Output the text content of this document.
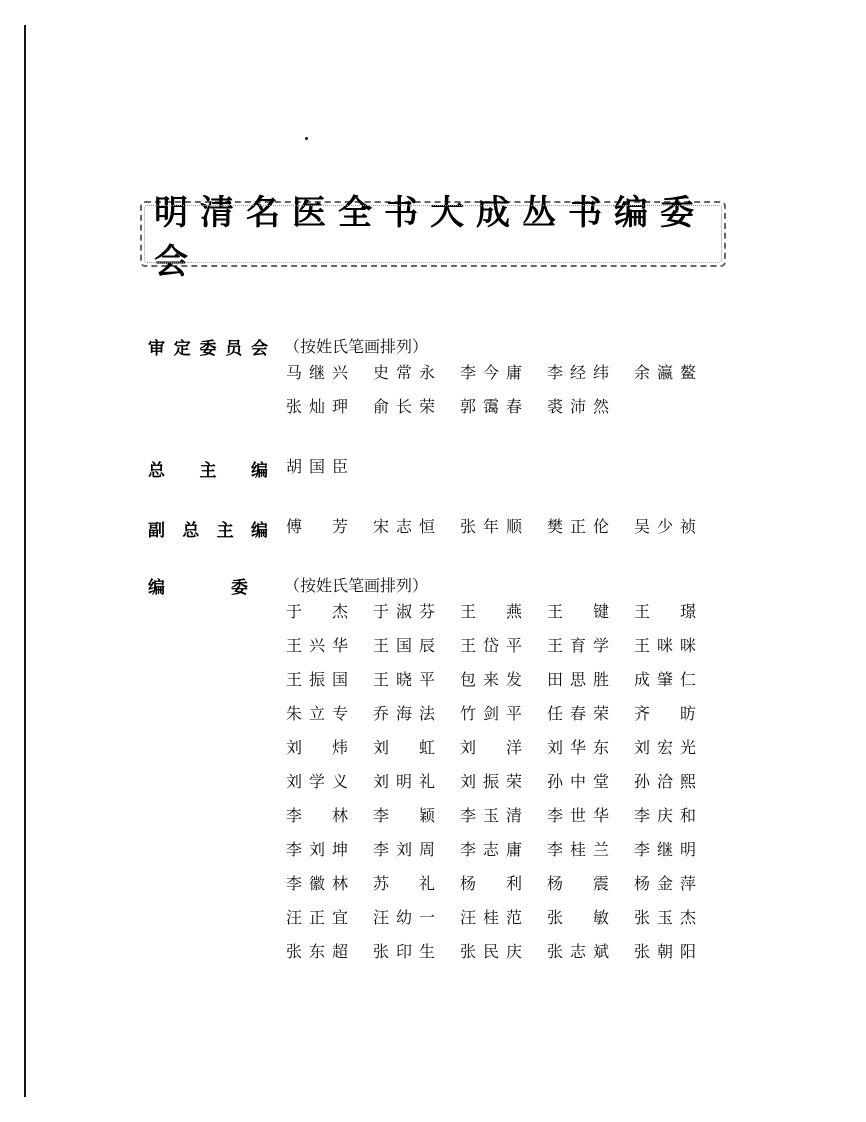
明清名医全书大成丛书编委会
审 定 委 员 会 （按姓氏笔画排列）
马 继 兴 史 常 永 李 今 庸 李 经 纬 余 瀛 鳌
张 灿 玾 俞 长 荣 郭 霭 春 裘 沛 然
总 主 编 胡 国 臣
副 总 主 编 傅 芳 宋 志 恒 张 年 顺 樊 正 伦 吴 少 祯
编	委 （按姓氏笔画排列）
于 杰 于 淑 芬 王 燕 王 键 王 璟
王 兴 华 王 国 辰 王 岱 平 王 育 学 王 咪 咪
王 振 国 王 晓 平 包 来 发 田 思 胜 成 肇 仁
朱 立 专 乔 海 法 竹 剑 平 任 春 荣 齐 昉
刘 炜 刘 虹 刘 洋 刘 华 东 刘 宏 光
刘 学 义 刘 明 礼 刘 振 荣 孙 中 堂 孙 洽 熙
李 林 李 颖 李 玉 清 李 世 华 李 庆 和
李 刘 坤 李 刘 周 李 志 庸 李 桂 兰 李 继 明
李 徽 林 苏 礼 杨 利 杨 震 杨 金 萍
汪 正 宜 汪 幼 一 汪 桂 范 张 敏 张 玉 杰
张 东 超 张 印 生 张 民 庆 张 志 斌 张 朝 阳
